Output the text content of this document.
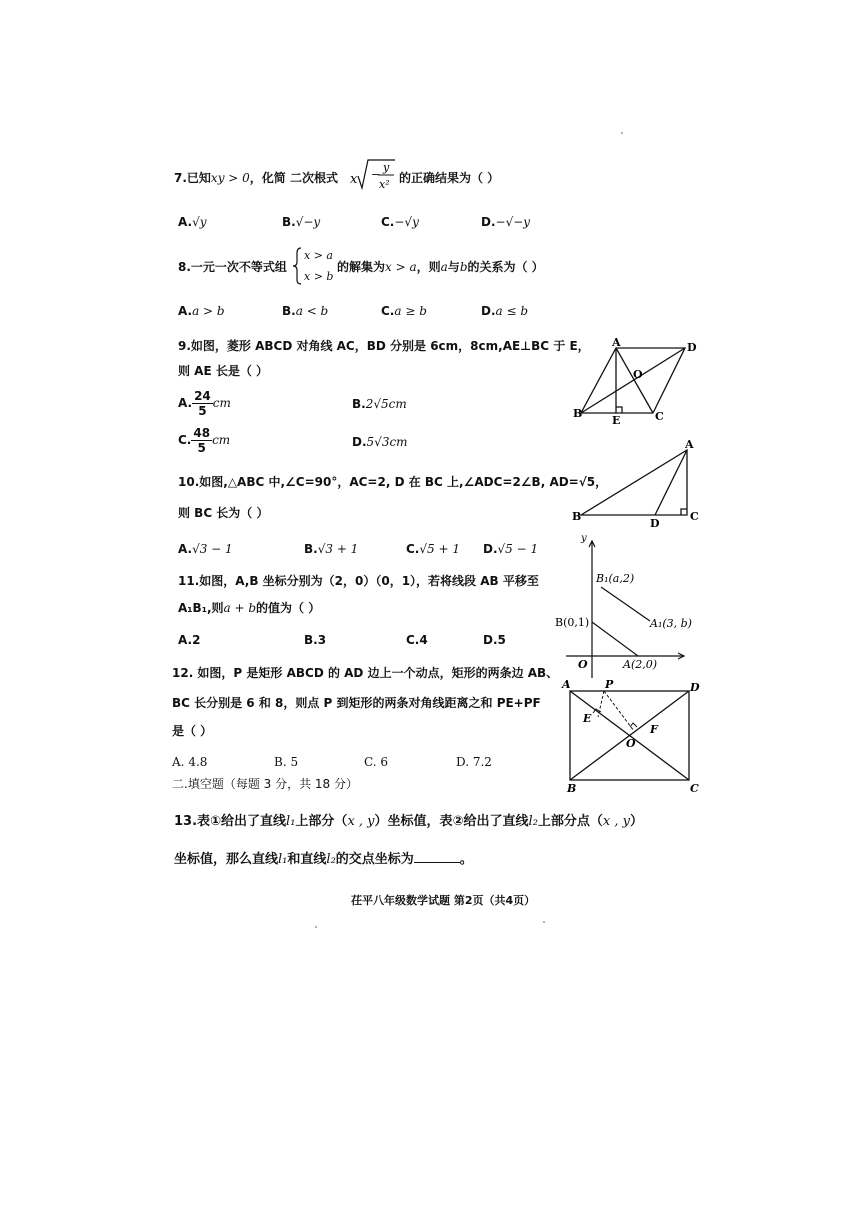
7.已知xy > 0，化简 二次根式 x −
y
x² 的正确结果为（ ）
A.√y	B.√−y	C.−√y	D.−√−y
8.一元一次不等式组
x > a
x > b
的解集为x > a，则a与b的关系为（ ）
A.a > b	B.a < b	C.a ≥ b	D.a ≤ b
9.如图，菱形 ABCD 对角线 AC，BD 分别是 6cm，8cm,AE⊥BC 于 E，
则 AE 长是（ ）
A. $\frac{24}{5}$ cm	B.2√5cm
C. $\frac{48}{5}$ cm	D.5√3cm
A	D
B	C
E
O
10.如图,△ABC 中,∠C=90°，AC=2, D 在 BC 上,∠ADC=2∠B, AD=√5，
则 BC 长为（ ）
A.√3 − 1	B.√3 + 1	C.√5 + 1 D.√5 − 1
A
B
D
C
11.如图，A,B 坐标分别为（2，0）（0，1），若将线段 AB 平移至
A₁B₁,则a + b的值为（ ）
A.2	B.3	C.4	D.5
y
O
B(0,1)
A(2,0)
B₁(a,2)
A₁(3, b)
12. 如图，P 是矩形 ABCD 的 AD 边上一个动点，矩形的两条边 AB、
BC 长分别是 6 和 8，则点 P 到矩形的两条对角线距离之和 PE+PF
是（ ）
A. 4.8	B. 5	C. 6	D. 7.2
A	P	D
E
F
O
B	C
二.填空题（每题 3 分，共 18 分）
13.表①给出了直线l₁上部分（x , y）坐标值，表②给出了直线l₂上部分点（x , y）
坐标值，那么直线l₁和直线l₂的交点坐标为	。
茌平八年级数学试题 第2页（共4页）
